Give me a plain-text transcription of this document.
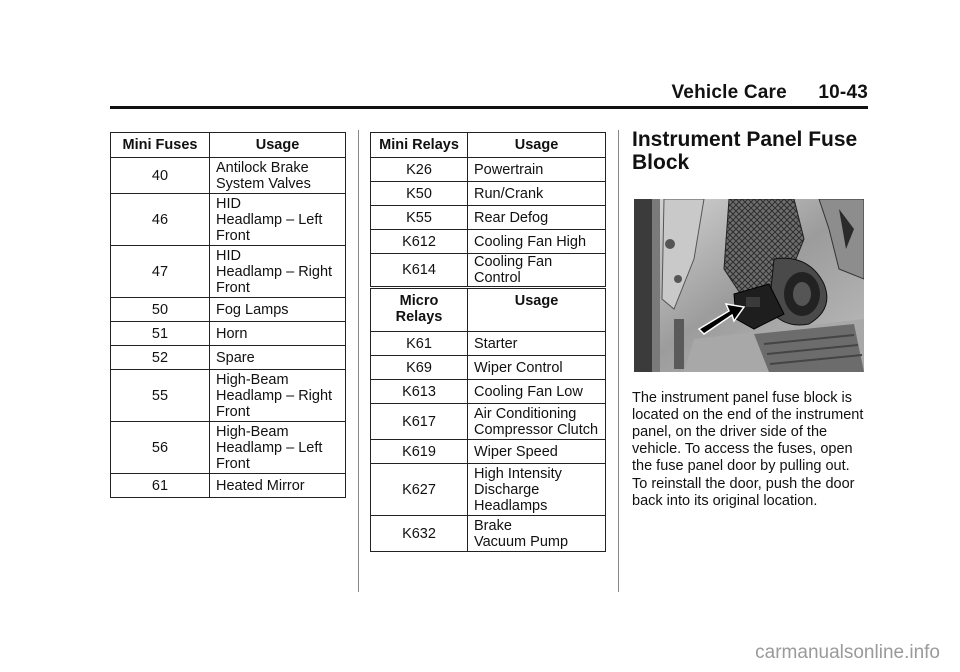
Vehicle Care 10-43
Mini Fuses	Usage
40	Antilock Brake
System Valves

46	HID
Headlamp – Left
Front

47	HID
Headlamp – Right
Front

50	Fog Lamps

51	Horn

52	Spare

55	High-Beam
Headlamp – Right
Front

56	High-Beam
Headlamp – Left
Front

61	Heated Mirror
Mini Relays	Usage
K26	Powertrain

K50	Run/Crank

K55	Rear Defog

K612	Cooling Fan High

K614	Cooling Fan Control
Micro Relays	Usage
K61	Starter

K69	Wiper Control

K613	Cooling Fan Low

K617	Air Conditioning
Compressor Clutch

K619	Wiper Speed

K627	High Intensity
Discharge
Headlamps

K632	Brake
Vacuum Pump
Instrument Panel Fuse Block

The instrument panel fuse block is located on the end of the instrument panel, on the driver side of the vehicle. To access the fuses, open the fuse panel door by pulling out.

To reinstall the door, push the door back into its original location.

carmanualsonline.info
